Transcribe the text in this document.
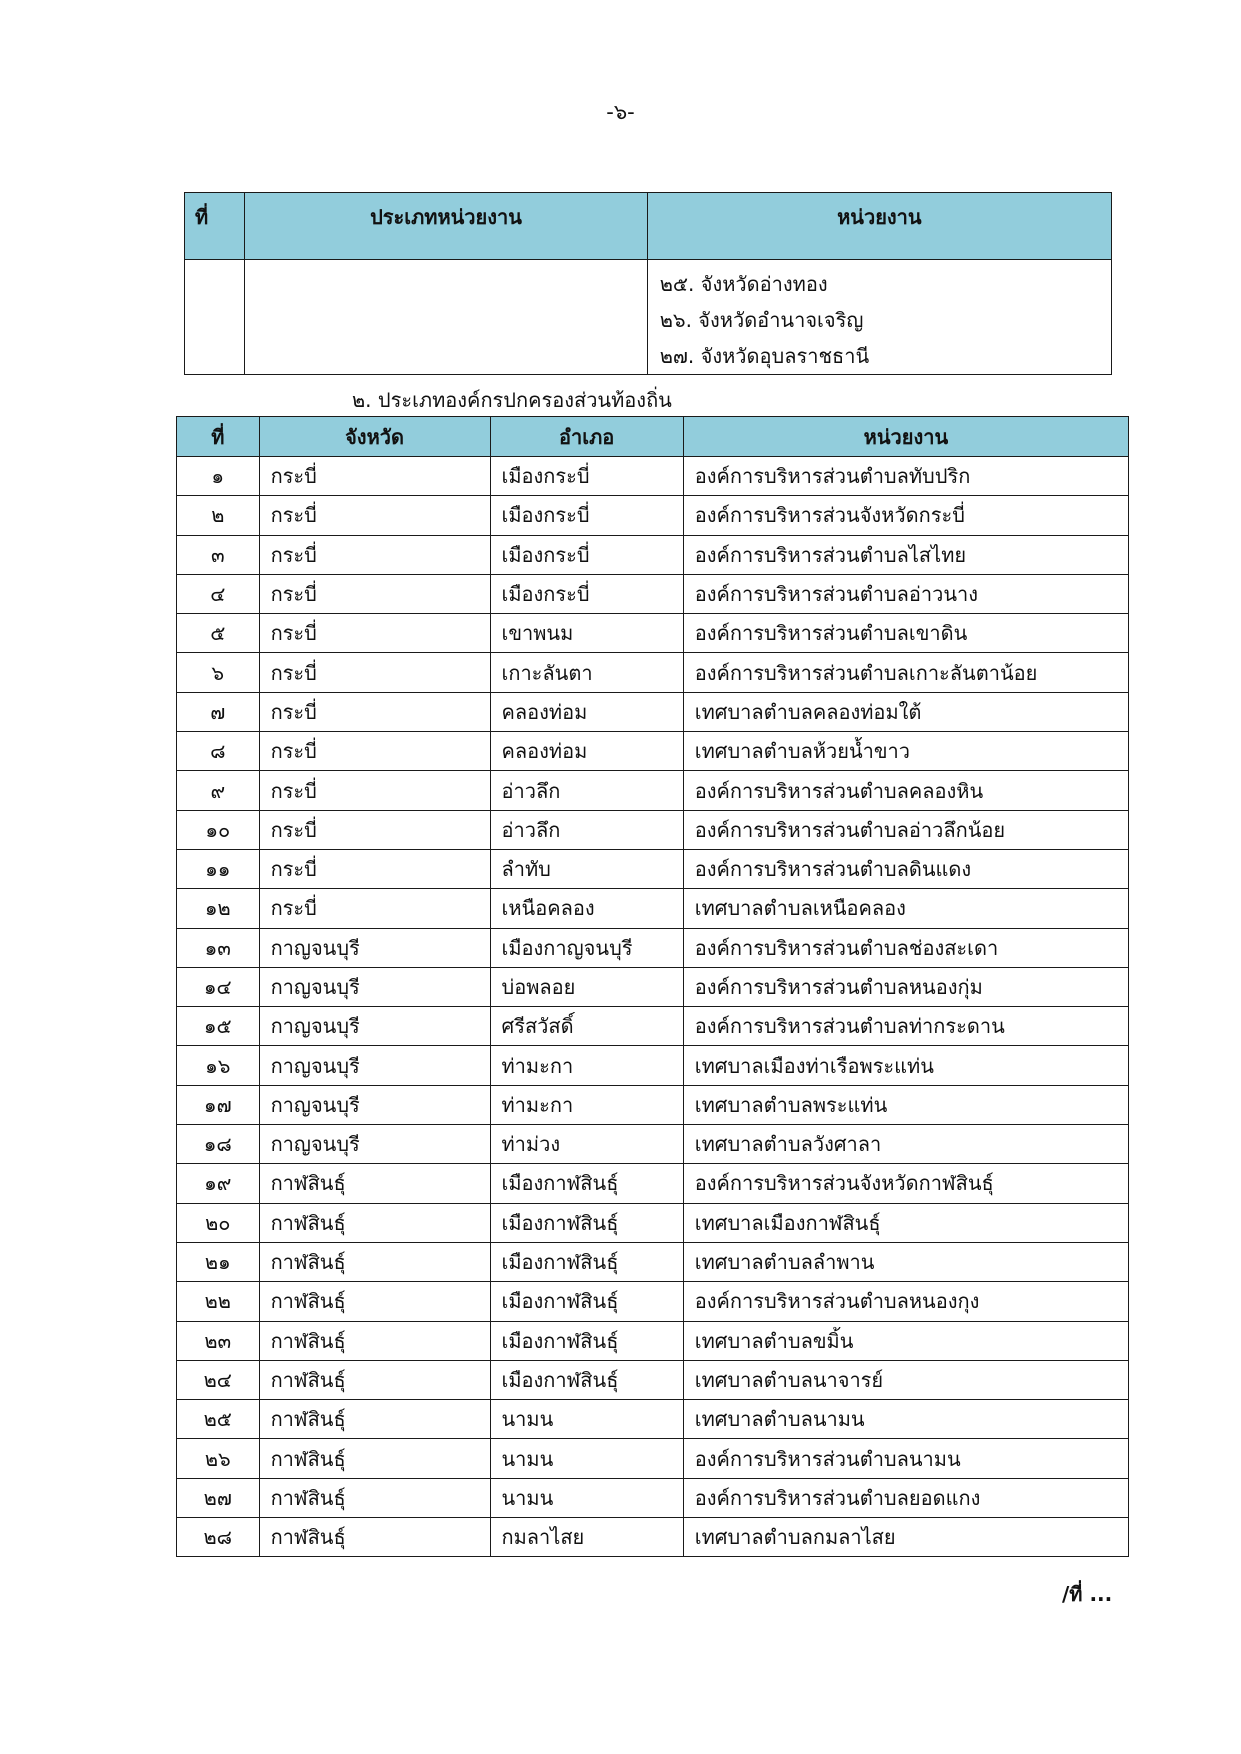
-๖-
ที่	ประเภทหน่วยงาน	หน่วยงาน

		๒๕. จังหวัดอ่างทอง
๒๖. จังหวัดอำนาจเจริญ
๒๗. จังหวัดอุบลราชธานี
๒. ประเภทองค์กรปกครองส่วนท้องถิ่น
ที่	จังหวัด	อำเภอ	หน่วยงาน
๑	กระบี่	เมืองกระบี่	องค์การบริหารส่วนตำบลทับปริก
๒	กระบี่	เมืองกระบี่	องค์การบริหารส่วนจังหวัดกระบี่
๓	กระบี่	เมืองกระบี่	องค์การบริหารส่วนตำบลไสไทย
๔	กระบี่	เมืองกระบี่	องค์การบริหารส่วนตำบลอ่าวนาง
๕	กระบี่	เขาพนม	องค์การบริหารส่วนตำบลเขาดิน
๖	กระบี่	เกาะลันตา	องค์การบริหารส่วนตำบลเกาะลันตาน้อย
๗	กระบี่	คลองท่อม	เทศบาลตำบลคลองท่อมใต้
๘	กระบี่	คลองท่อม	เทศบาลตำบลห้วยน้ำขาว
๙	กระบี่	อ่าวลึก	องค์การบริหารส่วนตำบลคลองหิน
๑๐	กระบี่	อ่าวลึก	องค์การบริหารส่วนตำบลอ่าวลึกน้อย
๑๑	กระบี่	ลำทับ	องค์การบริหารส่วนตำบลดินแดง
๑๒	กระบี่	เหนือคลอง	เทศบาลตำบลเหนือคลอง
๑๓	กาญจนบุรี	เมืองกาญจนบุรี	องค์การบริหารส่วนตำบลช่องสะเดา
๑๔	กาญจนบุรี	บ่อพลอย	องค์การบริหารส่วนตำบลหนองกุ่ม
๑๕	กาญจนบุรี	ศรีสวัสดิ์	องค์การบริหารส่วนตำบลท่ากระดาน
๑๖	กาญจนบุรี	ท่ามะกา	เทศบาลเมืองท่าเรือพระแท่น
๑๗	กาญจนบุรี	ท่ามะกา	เทศบาลตำบลพระแท่น
๑๘	กาญจนบุรี	ท่าม่วง	เทศบาลตำบลวังศาลา
๑๙	กาฬสินธุ์	เมืองกาฬสินธุ์	องค์การบริหารส่วนจังหวัดกาฬสินธุ์
๒๐	กาฬสินธุ์	เมืองกาฬสินธุ์	เทศบาลเมืองกาฬสินธุ์
๒๑	กาฬสินธุ์	เมืองกาฬสินธุ์	เทศบาลตำบลลำพาน
๒๒	กาฬสินธุ์	เมืองกาฬสินธุ์	องค์การบริหารส่วนตำบลหนองกุง
๒๓	กาฬสินธุ์	เมืองกาฬสินธุ์	เทศบาลตำบลขมิ้น
๒๔	กาฬสินธุ์	เมืองกาฬสินธุ์	เทศบาลตำบลนาจารย์
๒๕	กาฬสินธุ์	นามน	เทศบาลตำบลนามน
๒๖	กาฬสินธุ์	นามน	องค์การบริหารส่วนตำบลนามน
๒๗	กาฬสินธุ์	นามน	องค์การบริหารส่วนตำบลยอดแกง
๒๘	กาฬสินธุ์	กมลาไสย	เทศบาลตำบลกมลาไสย
/ที่ ...
